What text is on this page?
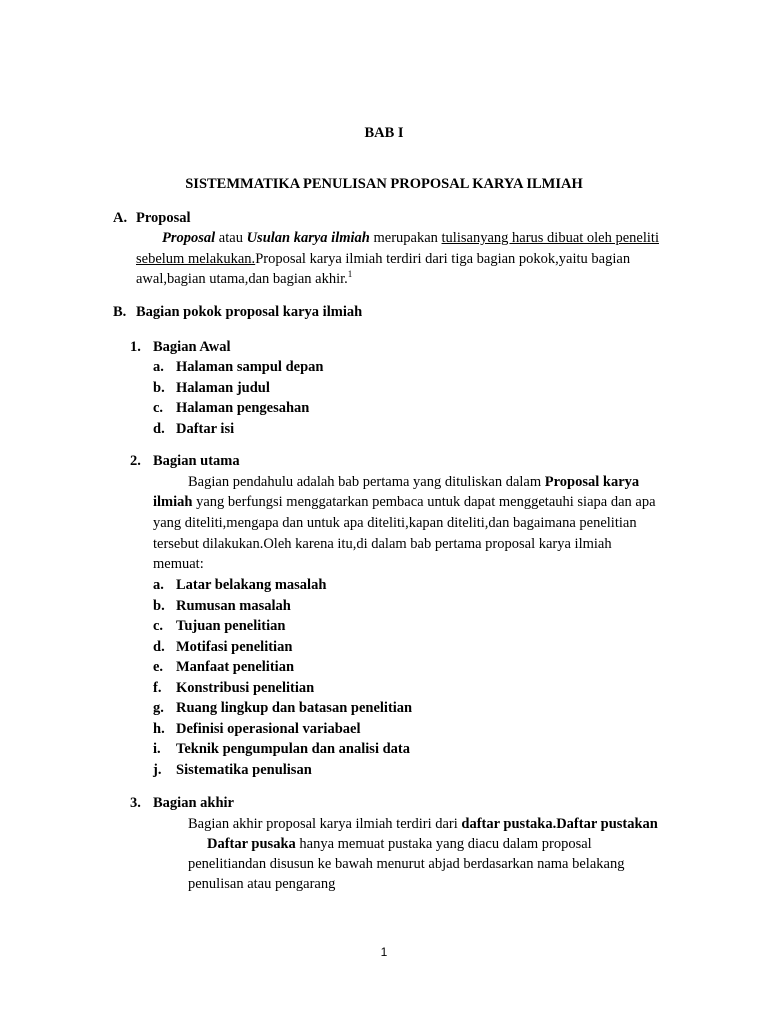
BAB I
SISTEMMATIKA PENULISAN PROPOSAL KARYA ILMIAH
A. Proposal
Proposal atau Usulan karya ilmiah merupakan tulisanyang harus dibuat oleh peneliti
sebelum melakukan.Proposal karya ilmiah terdiri dari tiga bagian pokok,yaitu bagian
awal,bagian utama,dan bagian akhir.$^1$
B. Bagian pokok proposal karya ilmiah
1. Bagian Awal
a. Halaman sampul depan
b. Halaman judul
c. Halaman pengesahan
d. Daftar isi
2. Bagian utama
Bagian pendahulu adalah bab pertama yang dituliskan dalam Proposal karya
ilmiah yang berfungsi menggatarkan pembaca untuk dapat menggetauhi siapa dan apa
yang diteliti,mengapa dan untuk apa diteliti,kapan diteliti,dan bagaimana penelitian
tersebut dilakukan.Oleh karena itu,di dalam bab pertama proposal karya ilmiah
memuat:
a. Latar belakang masalah
b. Rumusan masalah
c. Tujuan penelitian
d. Motifasi penelitian
e. Manfaat penelitian
f. Konstribusi penelitian
g. Ruang lingkup dan batasan penelitian
h. Definisi operasional variabael
i. Teknik pengumpulan dan analisi data
j. Sistematika penulisan
3. Bagian akhir
Bagian akhir proposal karya ilmiah terdiri dari daftar pustaka.Daftar pustakan
Daftar pusaka hanya memuat pustaka yang diacu dalam proposal
penelitiandan disusun ke bawah menurut abjad berdasarkan nama belakang
penulisan atau pengarang
1
